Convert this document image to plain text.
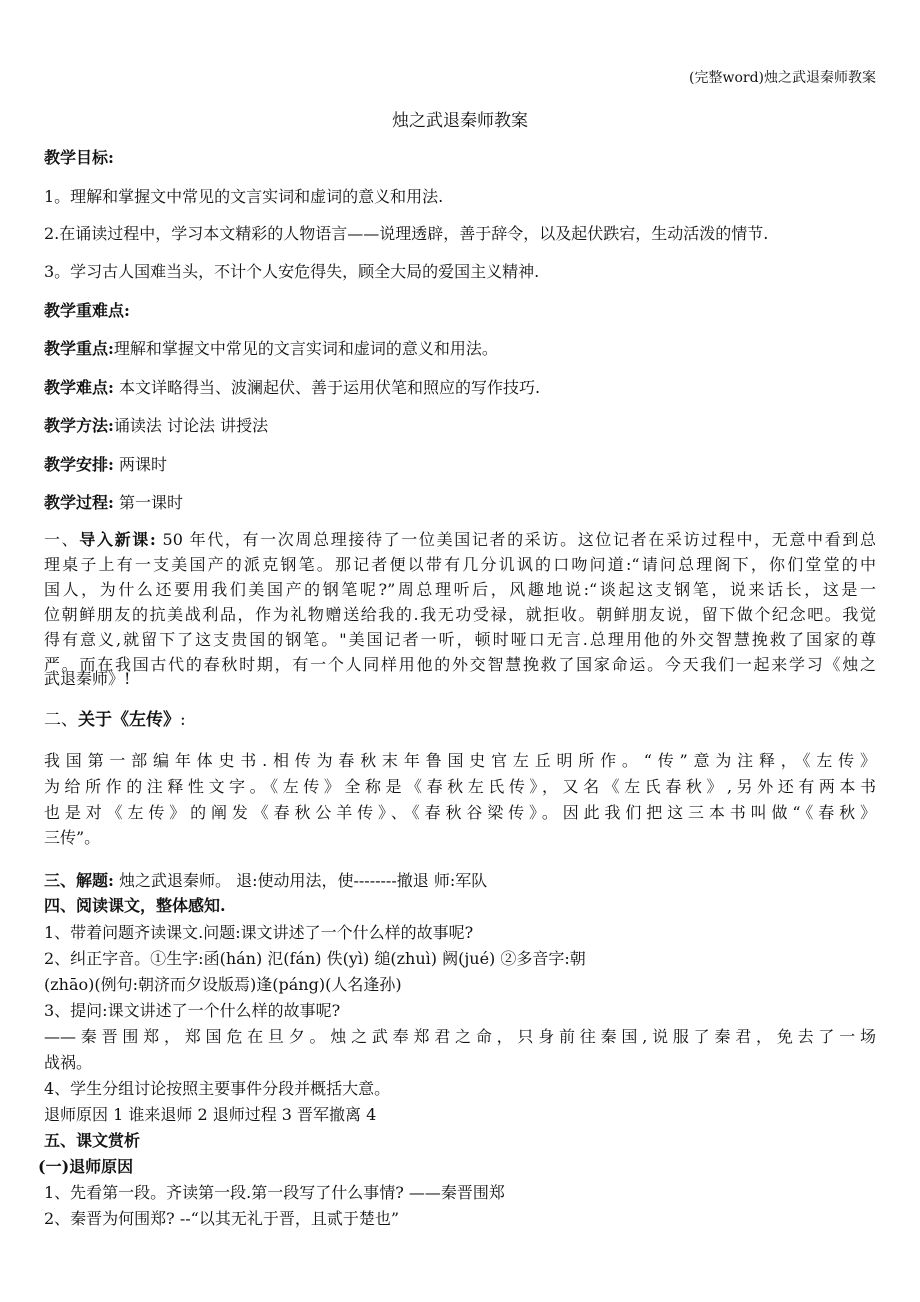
(完整word)烛之武退秦师教案
烛之武退秦师教案
教学目标:
1。理解和掌握文中常见的文言实词和虚词的意义和用法.
2.在诵读过程中，学习本文精彩的人物语言——说理透辟，善于辞令，以及起伏跌宕，生动活泼的情节.
3。学习古人国难当头，不计个人安危得失，顾全大局的爱国主义精神.
教学重难点:
教学重点:理解和掌握文中常见的文言实词和虚词的意义和用法。
教学难点: 本文详略得当、波澜起伏、善于运用伏笔和照应的写作技巧.
教学方法:诵读法 讨论法 讲授法
教学安排: 两课时
教学过程: 第一课时
一、导入新课: 50 年代，有一次周总理接待了一位美国记者的采访。这位记者在采访过程中，无意中看到总
理桌子上有一支美国产的派克钢笔。那记者便以带有几分讥讽的口吻问道:“请问总理阁下，你们堂堂的中
国人，为什么还要用我们美国产的钢笔呢?”周总理听后，风趣地说:“谈起这支钢笔，说来话长，这是一
位朝鲜朋友的抗美战利品，作为礼物赠送给我的.我无功受禄，就拒收。朝鲜朋友说，留下做个纪念吧。我觉
得有意义,就留下了这支贵国的钢笔。"美国记者一听，顿时哑口无言.总理用他的外交智慧挽救了国家的尊
严。而在我国古代的春秋时期，有一个人同样用他的外交智慧挽救了国家命运。今天我们一起来学习《烛之
武退秦师》!
二、关于《左传》:
我国第一部编年体史书.相传为春秋末年鲁国史官左丘明所作。“传”意为注释，《左传》
为给所作的注释性文字。《左传》全称是《春秋左氏传》，又名《左氏春秋》,另外还有两本书
也是对《左传》的阐发《春秋公羊传》、《春秋谷梁传》。因此我们把这三本书叫做“《春秋》
三传”。
三、解题: 烛之武退秦师。 退:使动用法，使--------撤退 师:军队
四、阅读课文，整体感知.
1、带着问题齐读课文.问题:课文讲述了一个什么样的故事呢?
2、纠正字音。①生字:函(hán) 氾(fán) 佚(yì) 缒(zhuì) 阙(jué) ②多音字:朝
(zhāo)(例句:朝济而夕设版焉)逢(páng)(人名逢孙)
3、提问:课文讲述了一个什么样的故事呢?
——秦晋围郑，郑国危在旦夕。烛之武奉郑君之命，只身前往秦国,说服了秦君，免去了一场
战祸。
4、学生分组讨论按照主要事件分段并概括大意。
退师原因 1 谁来退师 2 退师过程 3 晋军撤离 4
五、课文赏析
(一)退师原因
1、先看第一段。齐读第一段.第一段写了什么事情? ——秦晋围郑
2、秦晋为何围郑? --“以其无礼于晋，且贰于楚也”
